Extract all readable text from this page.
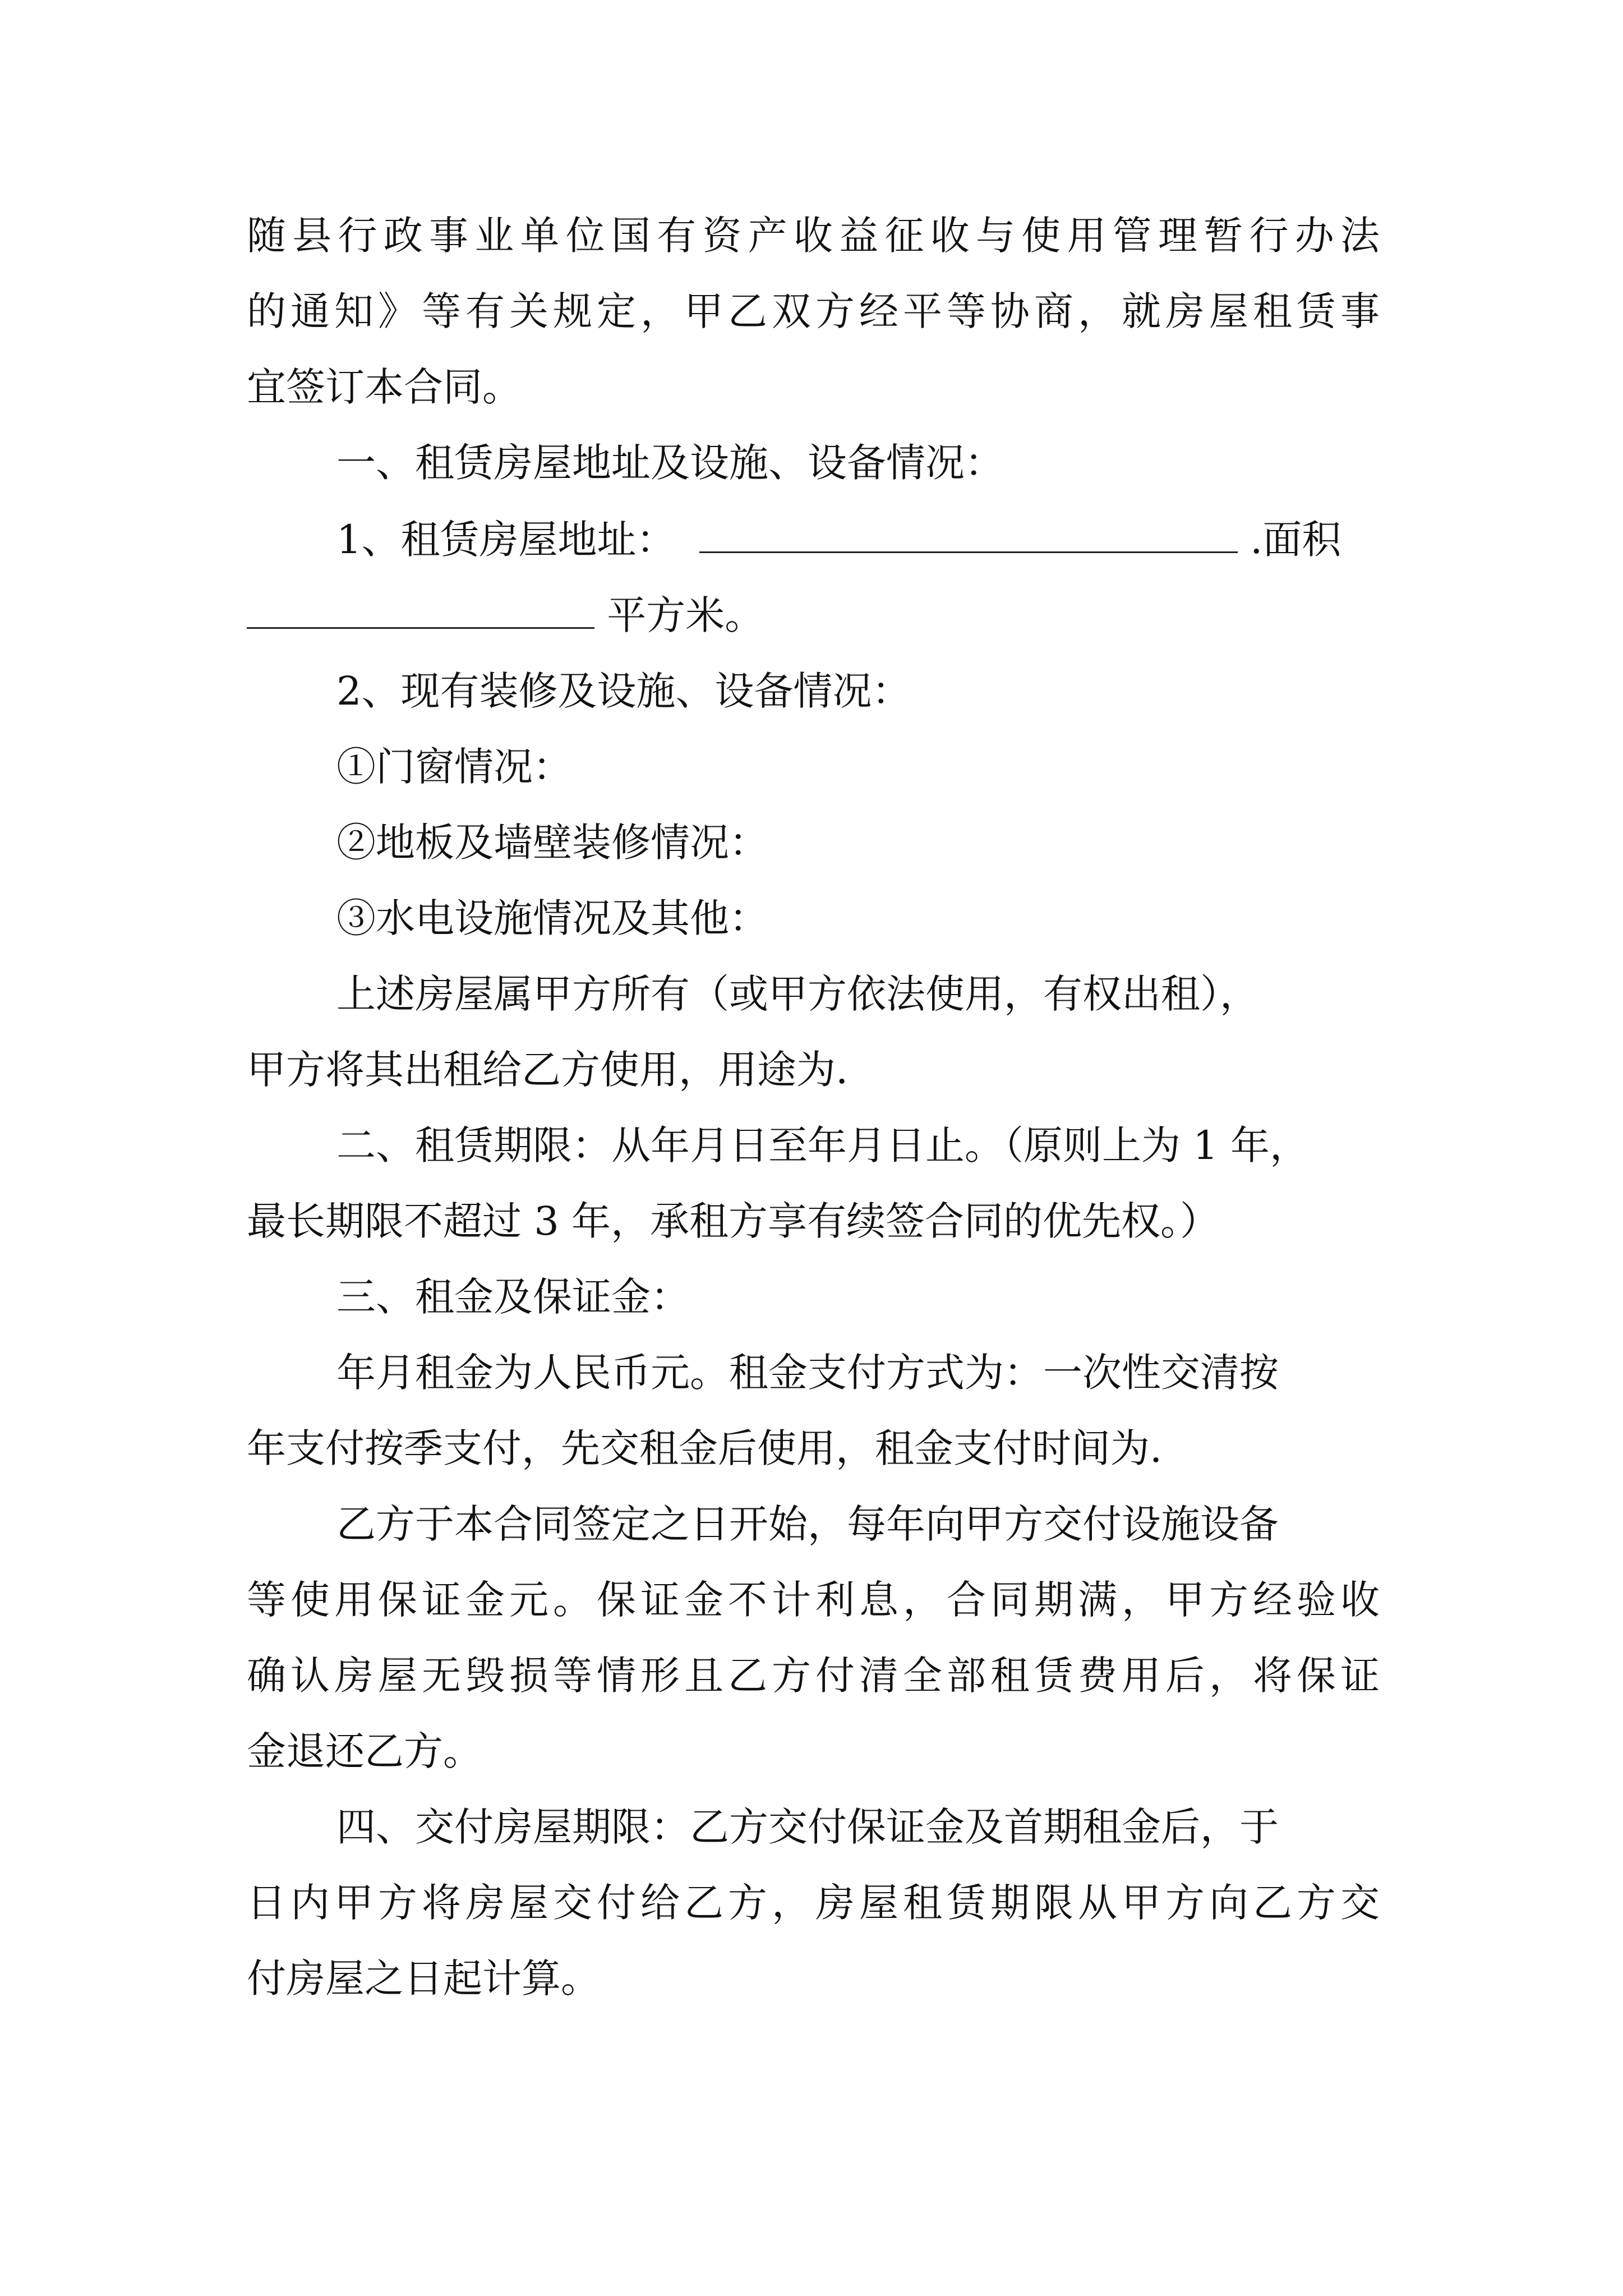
随县行政事业单位国有资产收益征收与使用管理暂行办法
的通知》等有关规定，甲乙双方经平等协商，就房屋租赁事
宜签订本合同。
一、租赁房屋地址及设施、设备情况：
1、租赁房屋地址：	.面积
平方米。
2、现有装修及设施、设备情况：
①门窗情况：
②地板及墙壁装修情况：
③水电设施情况及其他：
上述房屋属甲方所有（或甲方依法使用，有权出租），
甲方将其出租给乙方使用，用途为.
二、租赁期限：从年月日至年月日止。（原则上为 1 年，
最长期限不超过 3 年，承租方享有续签合同的优先权。）
三、租金及保证金：
年月租金为人民币元。租金支付方式为：一次性交清按
年支付按季支付，先交租金后使用，租金支付时间为.
乙方于本合同签定之日开始，每年向甲方交付设施设备
等使用保证金元。保证金不计利息，合同期满，甲方经验收
确认房屋无毁损等情形且乙方付清全部租赁费用后，将保证
金退还乙方。
四、交付房屋期限：乙方交付保证金及首期租金后，于
日内甲方将房屋交付给乙方，房屋租赁期限从甲方向乙方交
付房屋之日起计算。
